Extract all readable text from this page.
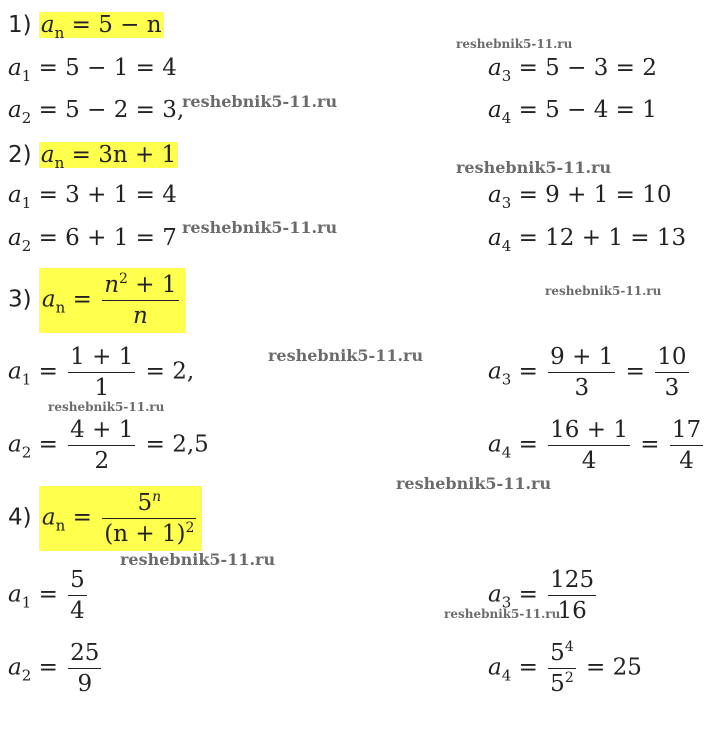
1) $a_n = 5 - n$
$a_1 = 5 - 1 = 4$
$a_2 = 5 - 2 = 3$,
$a_3 = 5 - 3 = 2$
$a_4 = 5 - 4 = 1$
2) $a_n = 3n + 1$
$a_1 = 3 + 1 = 4$
$a_2 = 6 + 1 = 7$
$a_3 = 9 + 1 = 10$
$a_4 = 12 + 1 = 13$
3) $a_n = \frac{n^2 + 1}{n}$
$a_1 = \frac{1 + 1}{1} = 2$,
$a_2 = \frac{4 + 1}{2} = 2,5$
$a_3 = \frac{9 + 1}{3} = \frac{10}{3}$
$a_4 = \frac{16 + 1}{4} = \frac{17}{4}$
4) $a_n = \frac{5^n}{(n + 1)^2}$
$a_1 = \frac{5}{4}$
$a_2 = \frac{25}{9}$
$a_3 = \frac{125}{16}$
$a_4 = \frac{5^4}{5^2} = 25$
reshebnik5-11.ru
reshebnik5-11.ru
reshebnik5-11.ru
reshebnik5-11.ru
reshebnik5-11.ru
reshebnik5-11.ru
reshebnik5-11.ru
reshebnik5-11.ru
reshebnik5-11.ru
reshebnik5-11.ru
